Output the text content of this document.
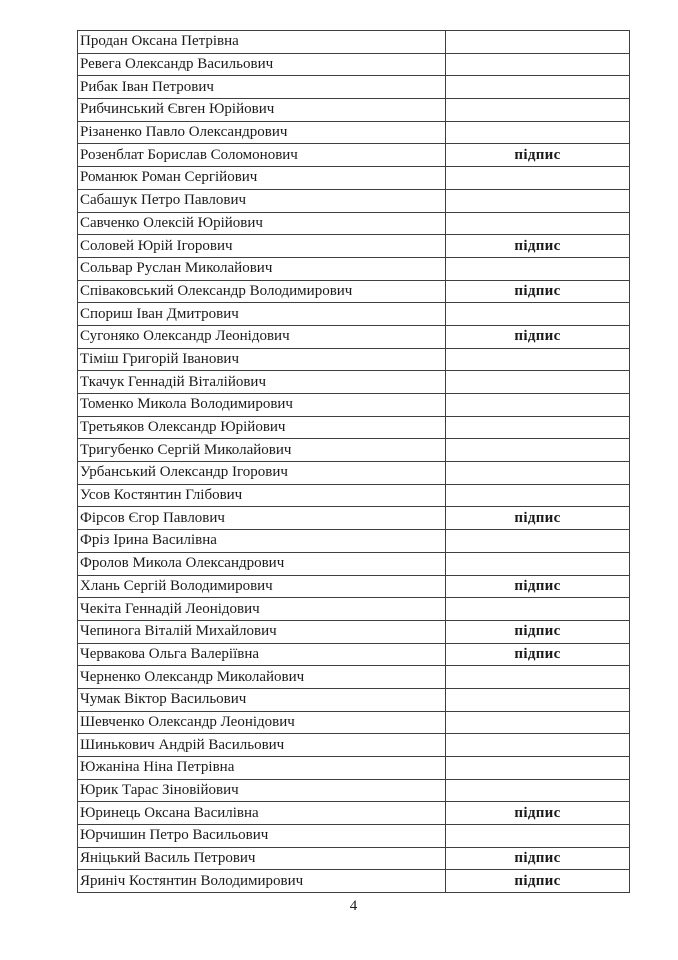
Продан Оксана Петрівна
Ревега Олександр Васильович
Рибак Іван Петрович
Рибчинський Євген Юрійович
Різаненко Павло Олександрович
Розенблат Борислав Соломонович	підпис
Романюк Роман Сергійович
Сабашук Петро Павлович
Савченко Олексій Юрійович
Соловей Юрій Ігорович	підпис
Сольвар Руслан Миколайович
Співаковський Олександр Володимирович	підпис
Спориш Іван Дмитрович
Сугоняко Олександр Леонідович	підпис
Тіміш Григорій Іванович
Ткачук Геннадій Віталійович
Томенко Микола Володимирович
Третьяков Олександр Юрійович
Тригубенко Сергій Миколайович
Урбанський Олександр Ігорович
Усов Костянтин Глібович
Фірсов Єгор Павлович	підпис
Фріз Ірина Василівна
Фролов Микола Олександрович
Хлань Сергій Володимирович	підпис
Чекіта Геннадій Леонідович
Чепинога Віталій Михайлович	підпис
Червакова Ольга Валеріївна	підпис
Черненко Олександр Миколайович
Чумак Віктор Васильович
Шевченко Олександр Леонідович
Шинькович Андрій Васильович
Южаніна Ніна Петрівна
Юрик Тарас Зіновійович
Юринець Оксана Василівна	підпис
Юрчишин Петро Васильович
Яніцький Василь Петрович	підпис
Яриніч Костянтин Володимирович	підпис
4
